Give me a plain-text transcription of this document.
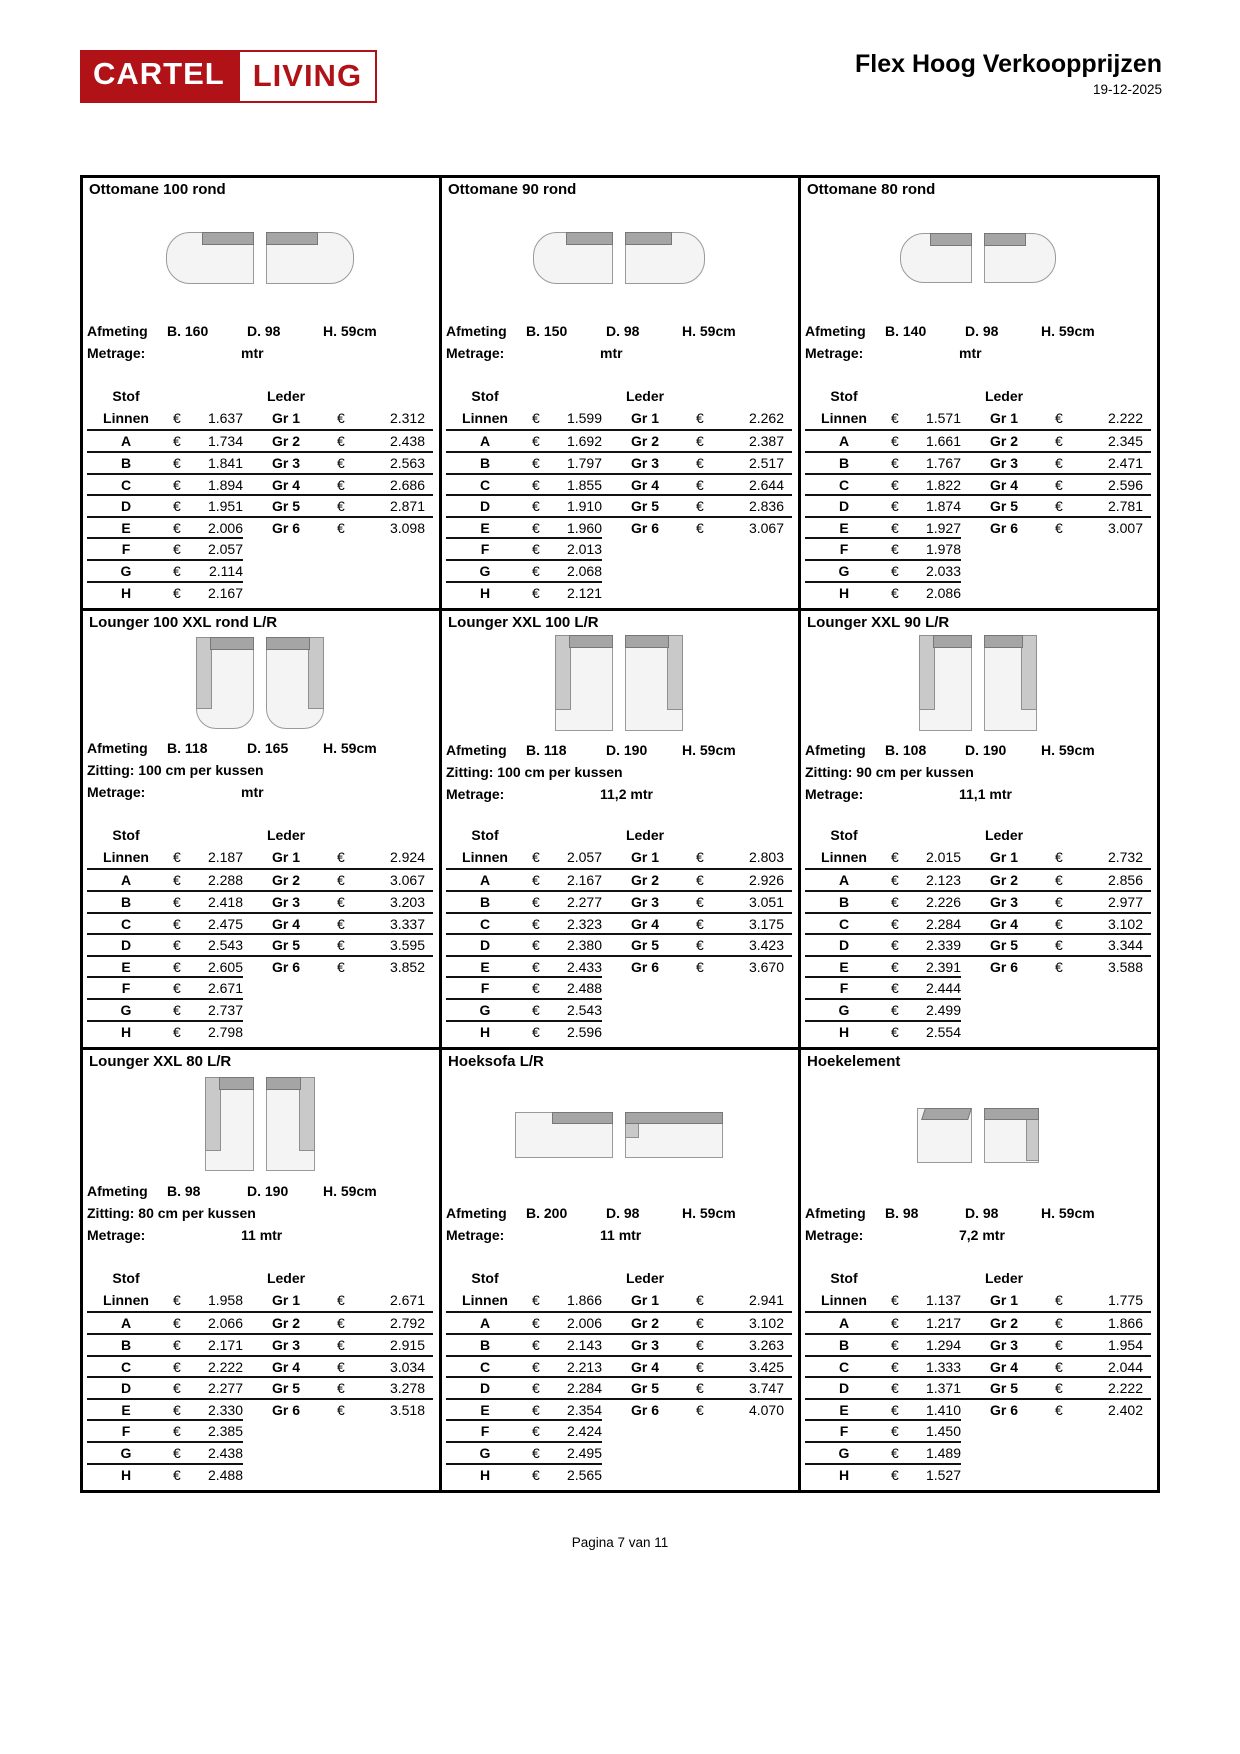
CARTEL LIVING	Flex Hoog Verkoopprijzen
19-12-2025
Ottomane 100 rond
Afmeting	B. 160	D. 98	H. 59cm
Metrage:	mtr
Stof	Leder
Linnen	€	1.637	Gr 1	€	2.312
A	€	1.734	Gr 2	€	2.438
B	€	1.841	Gr 3	€	2.563
C	€	1.894	Gr 4	€	2.686
D	€	1.951	Gr 5	€	2.871
E	€	2.006	Gr 6	€	3.098
F	€	2.057
G	€	2.114
H	€	2.167
Ottomane 90 rond
Afmeting	B. 150	D. 98	H. 59cm
Metrage:	mtr
Stof	Leder
Linnen	€	1.599	Gr 1	€	2.262
A	€	1.692	Gr 2	€	2.387
B	€	1.797	Gr 3	€	2.517
C	€	1.855	Gr 4	€	2.644
D	€	1.910	Gr 5	€	2.836
E	€	1.960	Gr 6	€	3.067
F	€	2.013
G	€	2.068
H	€	2.121
Ottomane 80 rond
Afmeting	B. 140	D. 98	H. 59cm
Metrage:	mtr
Stof	Leder
Linnen	€	1.571	Gr 1	€	2.222
A	€	1.661	Gr 2	€	2.345
B	€	1.767	Gr 3	€	2.471
C	€	1.822	Gr 4	€	2.596
D	€	1.874	Gr 5	€	2.781
E	€	1.927	Gr 6	€	3.007
F	€	1.978
G	€	2.033
H	€	2.086
Lounger 100 XXL rond L/R
Afmeting	B. 118	D. 165	H. 59cm
Zitting: 100 cm per kussen
Metrage:	mtr
Stof	Leder
Linnen	€	2.187	Gr 1	€	2.924
A	€	2.288	Gr 2	€	3.067
B	€	2.418	Gr 3	€	3.203
C	€	2.475	Gr 4	€	3.337
D	€	2.543	Gr 5	€	3.595
E	€	2.605	Gr 6	€	3.852
F	€	2.671
G	€	2.737
H	€	2.798
Lounger XXL 100 L/R
Afmeting	B. 118	D. 190	H. 59cm
Zitting: 100 cm per kussen
Metrage:	11,2 mtr
Stof	Leder
Linnen	€	2.057	Gr 1	€	2.803
A	€	2.167	Gr 2	€	2.926
B	€	2.277	Gr 3	€	3.051
C	€	2.323	Gr 4	€	3.175
D	€	2.380	Gr 5	€	3.423
E	€	2.433	Gr 6	€	3.670
F	€	2.488
G	€	2.543
H	€	2.596
Lounger XXL 90 L/R
Afmeting	B. 108	D. 190	H. 59cm
Zitting: 90 cm per kussen
Metrage:	11,1 mtr
Stof	Leder
Linnen	€	2.015	Gr 1	€	2.732
A	€	2.123	Gr 2	€	2.856
B	€	2.226	Gr 3	€	2.977
C	€	2.284	Gr 4	€	3.102
D	€	2.339	Gr 5	€	3.344
E	€	2.391	Gr 6	€	3.588
F	€	2.444
G	€	2.499
H	€	2.554
Lounger XXL 80 L/R
Afmeting	B. 98	D. 190	H. 59cm
Zitting: 80 cm per kussen
Metrage:	11 mtr
Stof	Leder
Linnen	€	1.958	Gr 1	€	2.671
A	€	2.066	Gr 2	€	2.792
B	€	2.171	Gr 3	€	2.915
C	€	2.222	Gr 4	€	3.034
D	€	2.277	Gr 5	€	3.278
E	€	2.330	Gr 6	€	3.518
F	€	2.385
G	€	2.438
H	€	2.488
Hoeksofa L/R
Afmeting	B. 200	D. 98	H. 59cm
Metrage:	11 mtr
Stof	Leder
Linnen	€	1.866	Gr 1	€	2.941
A	€	2.006	Gr 2	€	3.102
B	€	2.143	Gr 3	€	3.263
C	€	2.213	Gr 4	€	3.425
D	€	2.284	Gr 5	€	3.747
E	€	2.354	Gr 6	€	4.070
F	€	2.424
G	€	2.495
H	€	2.565
Hoekelement
Afmeting	B. 98	D. 98	H. 59cm
Metrage:	7,2 mtr
Stof	Leder
Linnen	€	1.137	Gr 1	€	1.775
A	€	1.217	Gr 2	€	1.866
B	€	1.294	Gr 3	€	1.954
C	€	1.333	Gr 4	€	2.044
D	€	1.371	Gr 5	€	2.222
E	€	1.410	Gr 6	€	2.402
F	€	1.450
G	€	1.489
H	€	1.527
Pagina 7 van 11
